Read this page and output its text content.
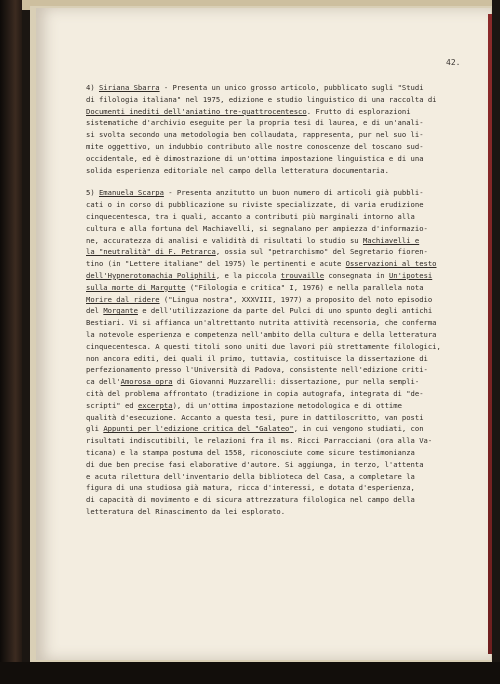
42.
4) Siriana Sbarra - Presenta un unico grosso articolo, pubblicato sugli "Studi
di filologia italiana" nel 1975, edizione e studio linguistico di una raccolta di
Documenti inediti dell'aniatino tre-quattrocentesco. Frutto di esplorazioni
sistematiche d'archivio eseguite per la propria tesi di laurea, e di un'anali-
si svolta secondo una metodologia ben collaudata, rappresenta, pur nel suo li-
mite oggettivo, un indubbio contributo alle nostre conoscenze del toscano sud-
occidentale, ed è dimostrazione di un'ottima impostazione linguistica e di una
solida esperienza editoriale nel campo della letteratura documentaria.
5) Emanuela Scarpa - Presenta anzitutto un buon numero di articoli già pubbli-
cati o in corso di pubblicazione su riviste specializzate, di varia erudizione
cinquecentesca, tra i quali, accanto a contributi più marginali intorno alla
cultura e alla fortuna del Machiavelli, si segnalano per ampiezza d'informazio-
ne, accuratezza di analisi e validità di risultati lo studio su Machiavelli e
la "neutralità" di F. Petrarca, ossia sul "petrarchismo" del Segretario fioren-
tino (in "Lettere italiane" del 1975) le pertinenti e acute Osservazioni al testo
dell'Hypnerotomachia Poliphili, e la piccola trouvaille consegnata in Un'ipotesi
sulla morte di Margutte ("Filologia e critica" I, 1976) e nella parallela nota
Morire dal ridere ("Lingua nostra", XXXVIII, 1977) a proposito del noto episodio
del Morgante e dell'utilizzazione da parte del Pulci di uno spunto degli antichi
Bestiari. Vi si affianca un'altrettanto nutrita attività recensoria, che conferma
la notevole esperienza e competenza nell'ambito della cultura e della letteratura
cinquecentesca. A questi titoli sono uniti due lavori più strettamente filologici,
non ancora editi, dei quali il primo, tuttavia, costituisce la dissertazione di
perfezionamento presso l'Università di Padova, consistente nell'edizione criti-
ca dell'Amorosa opra di Giovanni Muzzarelli: dissertazione, pur nella sempli-
cità del problema affrontato (tradizione in copia autografa, integrata di "de-
scripti" ed excerpta), di un'ottima impostazione metodologica e di ottime
qualità d'esecuzione. Accanto a questa tesi, pure in dattiloscritto, van posti
gli Appunti per l'edizione critica del "Galateo", in cui vengono studiati, con
risultati indiscutibili, le relazioni fra il ms. Ricci Parracciani (ora alla Va-
ticana) e la stampa postuma del 1558, riconosciute come sicure testimonianza
di due ben precise fasi elaborative d'autore. Si aggiunga, in terzo, l'attenta
e acuta rilettura dell'inventario della biblioteca del Casa, a completare la
figura di una studiosa già matura, ricca d'interessi, e dotata d'esperienza,
di capacità di movimento e di sicura attrezzatura filologica nel campo della
letteratura del Rinascimento da lei esplorato.
